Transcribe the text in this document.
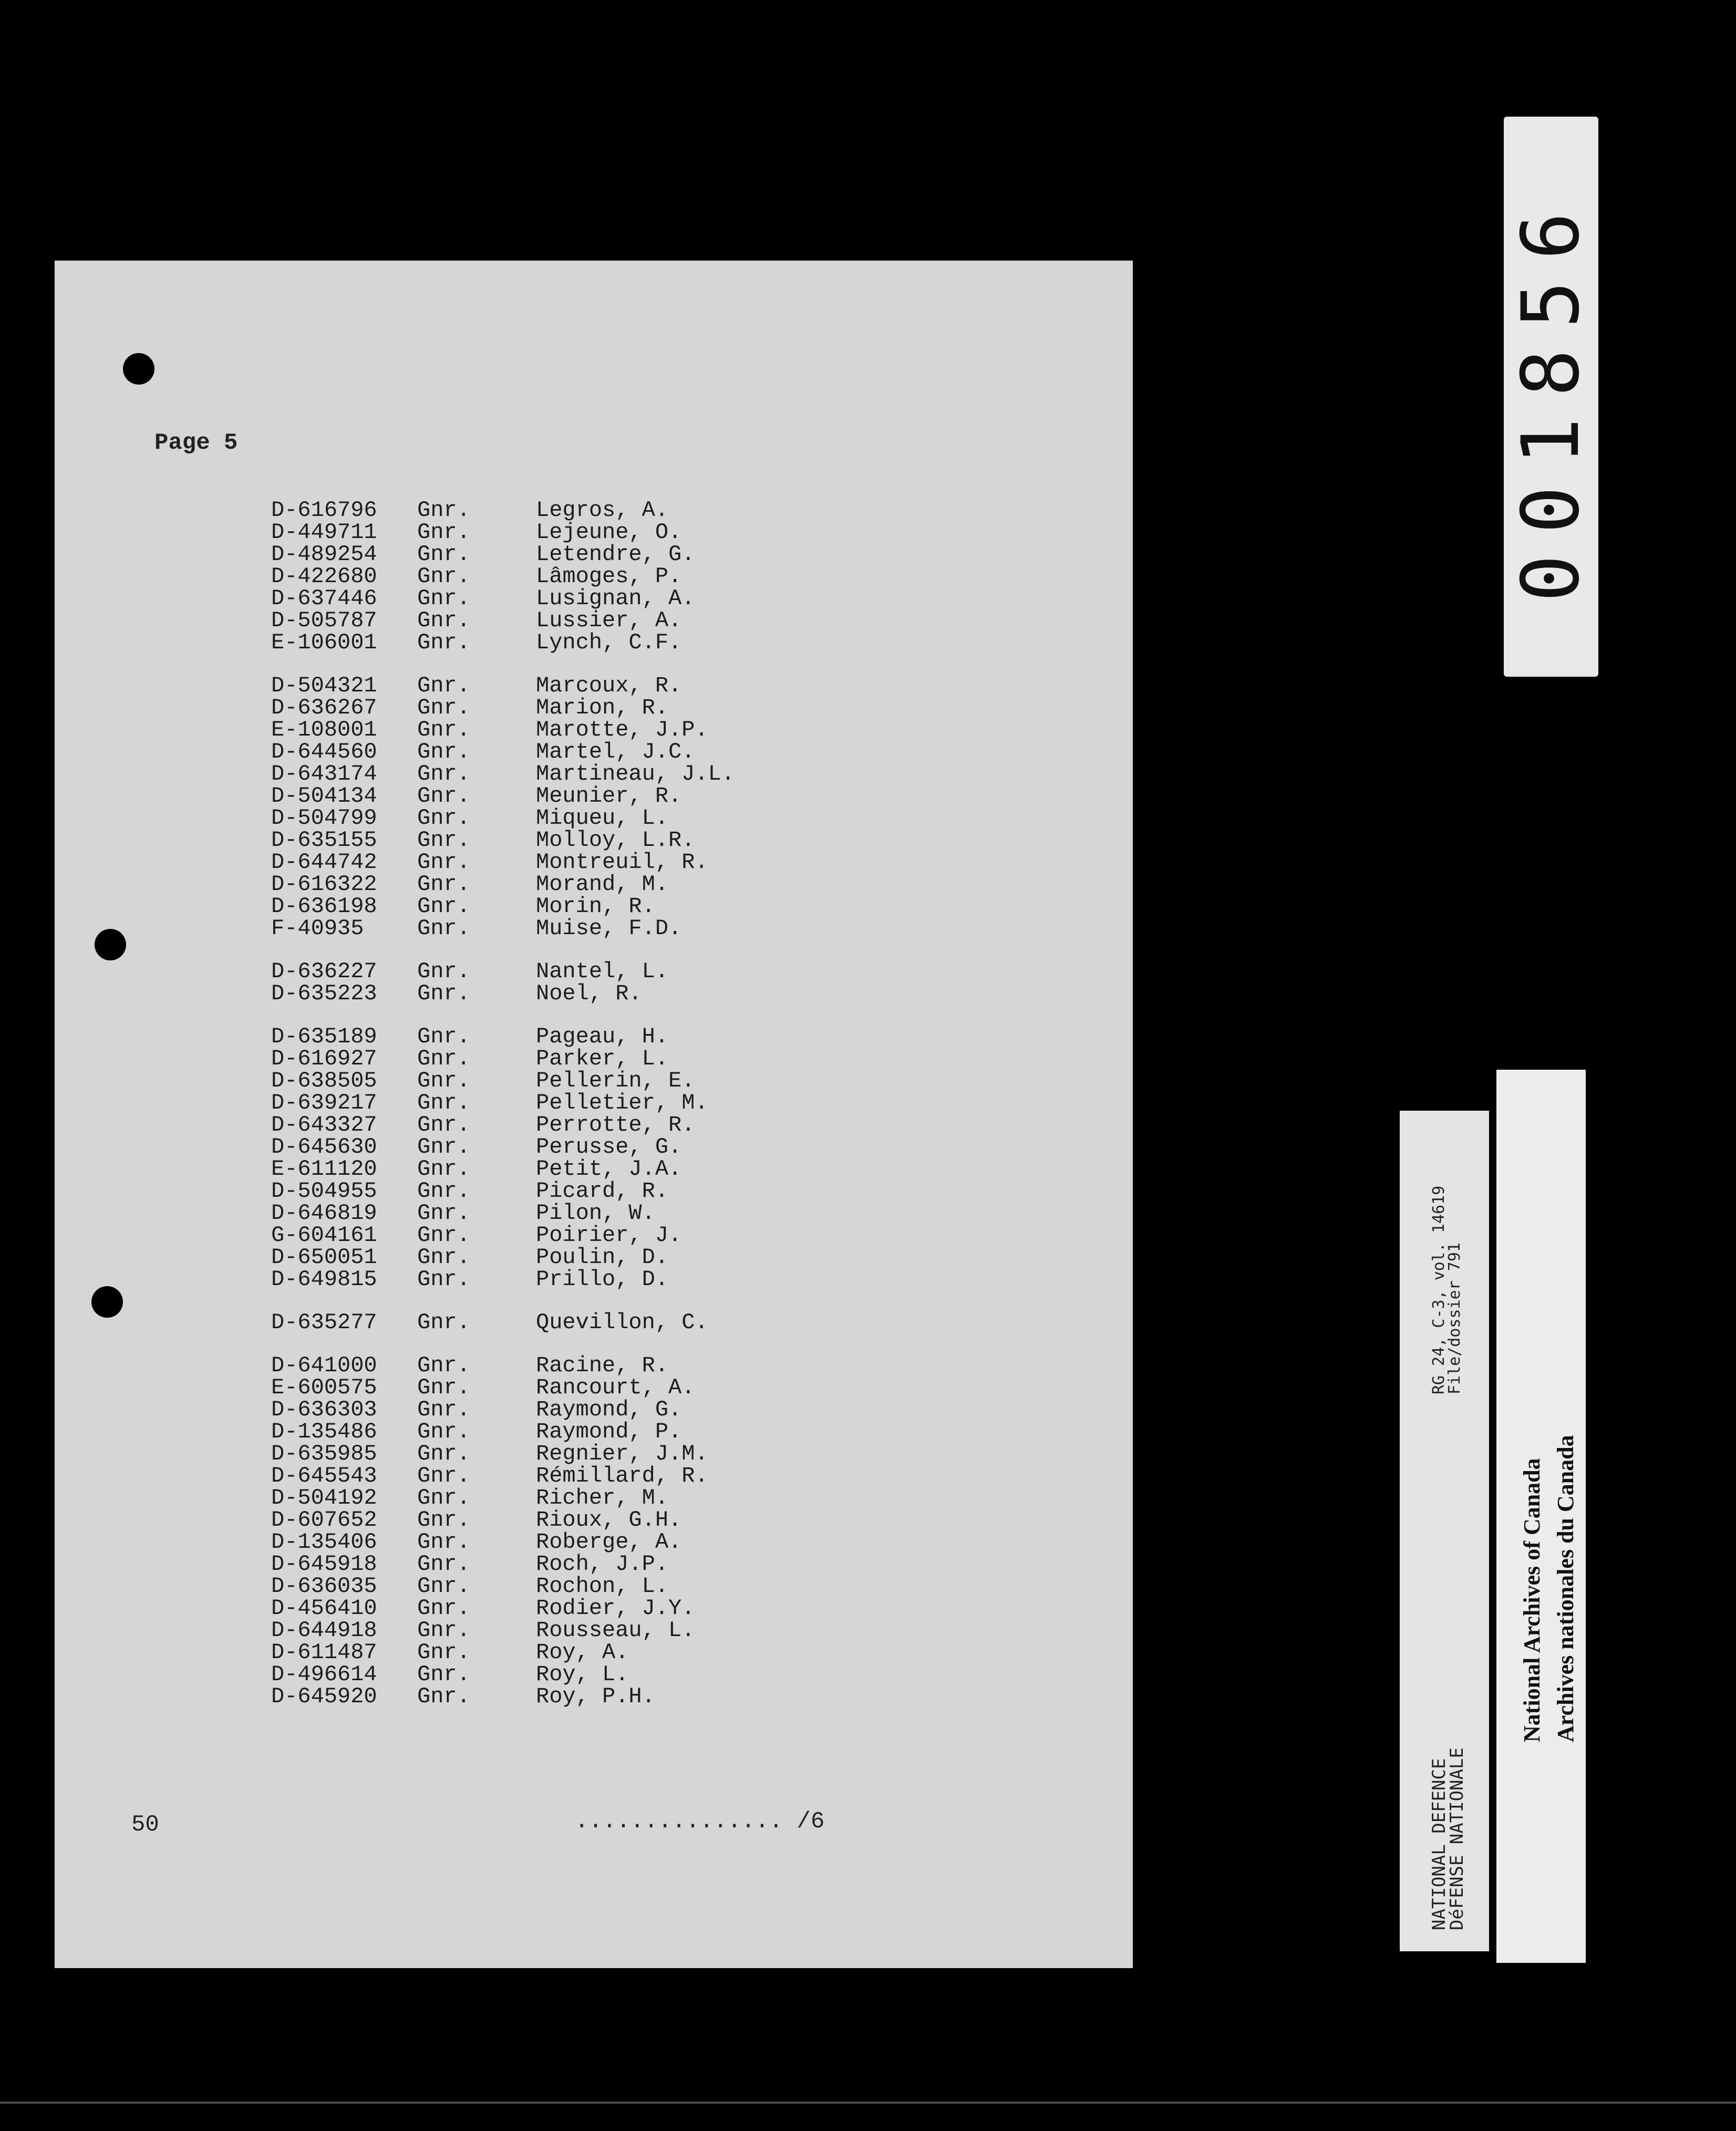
Page 5
D-616796 Gnr.	Legros, A.
D-449711 Gnr.	Lejeune, O.
D-489254 Gnr.	Letendre, G.
D-422680 Gnr.	Lâmoges, P.
D-637446 Gnr.	Lusignan, A.
D-505787 Gnr.	Lussier, A.
E-106001 Gnr.	Lynch, C.F.
D-504321 Gnr.	Marcoux, R.
D-636267 Gnr.	Marion, R.
E-108001 Gnr.	Marotte, J.P.
D-644560 Gnr.	Martel, J.C.
D-643174 Gnr.	Martineau, J.L.
D-504134 Gnr.	Meunier, R.
D-504799 Gnr.	Miqueu, L.
D-635155 Gnr.	Molloy, L.R.
D-644742 Gnr.	Montreuil, R.
D-616322 Gnr.	Morand, M.
D-636198 Gnr.	Morin, R.
F-40935 Gnr.	Muise, F.D.
D-636227 Gnr.	Nantel, L.
D-635223 Gnr.	Noel, R.
D-635189 Gnr.	Pageau, H.
D-616927 Gnr.	Parker, L.
D-638505 Gnr.	Pellerin, E.
D-639217 Gnr.	Pelletier, M.
D-643327 Gnr.	Perrotte, R.
D-645630 Gnr.	Perusse, G.
E-611120 Gnr.	Petit, J.A.
D-504955 Gnr.	Picard, R.
D-646819 Gnr.	Pilon, W.
G-604161 Gnr.	Poirier, J.
D-650051 Gnr.	Poulin, D.
D-649815 Gnr.	Prillo, D.
D-635277 Gnr.	Quevillon, C.
D-641000 Gnr.	Racine, R.
E-600575 Gnr.	Rancourt, A.
D-636303 Gnr.	Raymond, G.
D-135486 Gnr.	Raymond, P.
D-635985 Gnr.	Regnier, J.M.
D-645543 Gnr.	Rémillard, R.
D-504192 Gnr.	Richer, M.
D-607652 Gnr.	Rioux, G.H.
D-135406 Gnr.	Roberge, A.
D-645918 Gnr.	Roch, J.P.
D-636035 Gnr.	Rochon, L.
D-456410 Gnr.	Rodier, J.Y.
D-644918 Gnr.	Rousseau, L.
D-611487 Gnr.	Roy, A.
D-496614 Gnr.	Roy, L.
D-645920 Gnr.	Roy, P.H.
50	............... /6
001856
NATIONAL DEFENCE
DéFENSE NATIONALE
RG 24, C-3, vol. 14619
File/dossier 791
National Archives of Canada
Archives nationales du Canada
